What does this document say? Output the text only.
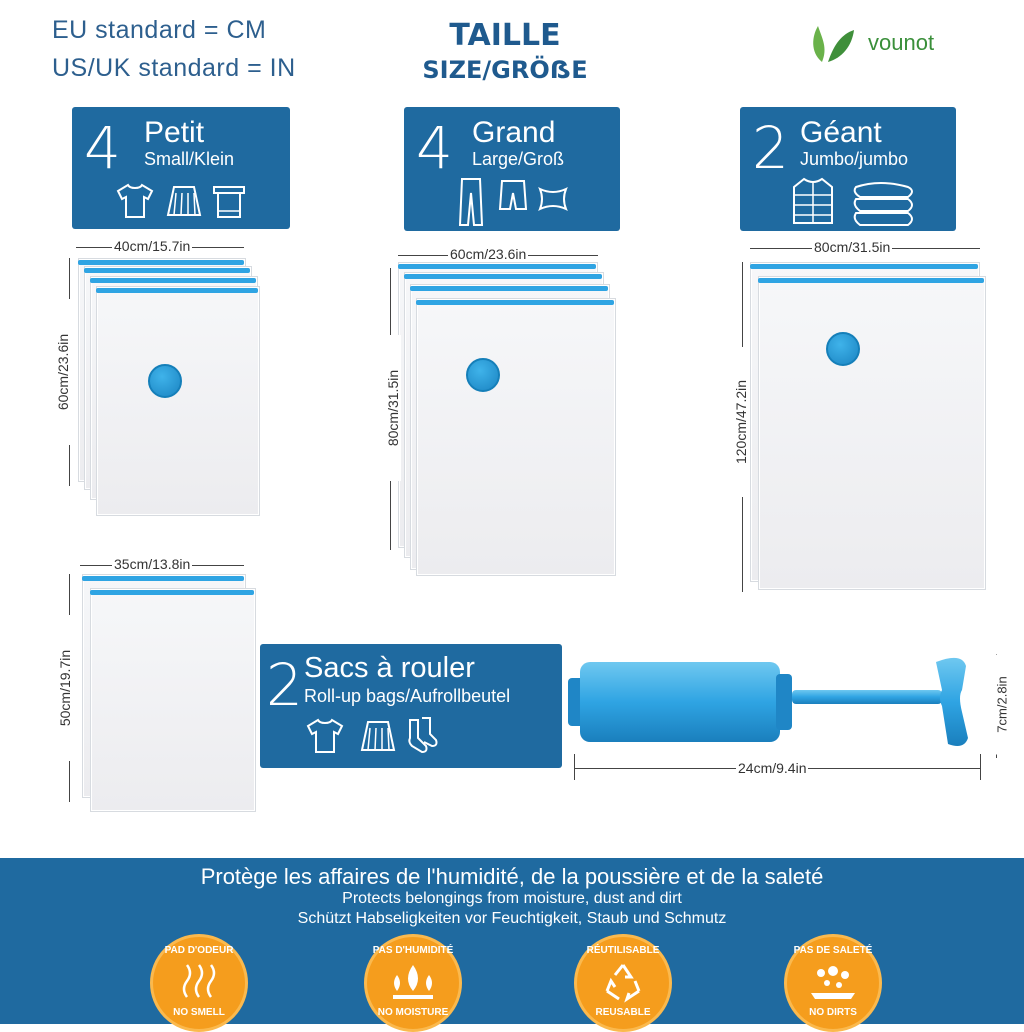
EU standard = CM
US/UK standard = IN
TAILLE
SIZE/GRÖẞE
vounot
4 Petit
Small/Klein	4 Grand
Large/Groß	2 Géant
Jumbo/jumbo
40cm/15.7in
60cm/23.6in
60cm/23.6in
80cm/31.5in
80cm/31.5in
120cm/47.2in
35cm/13.8in
50cm/19.7in	2 Sacs à rouler
Roll-up bags/Aufrollbeutel
24cm/9.4in
7cm/2.8in
Protège les affaires de l'humidité, de la poussière et de la saleté
Protects belongings from moisture, dust and dirt
Schützt Habseligkeiten vor Feuchtigkeit, Staub und Schmutz
PAD D'ODEUR
NO SMELL
PAS D'HUMIDITÉ
NO MOISTURE
RÉUTILISABLE
REUSABLE
PAS DE SALETÉ
NO DIRTS
